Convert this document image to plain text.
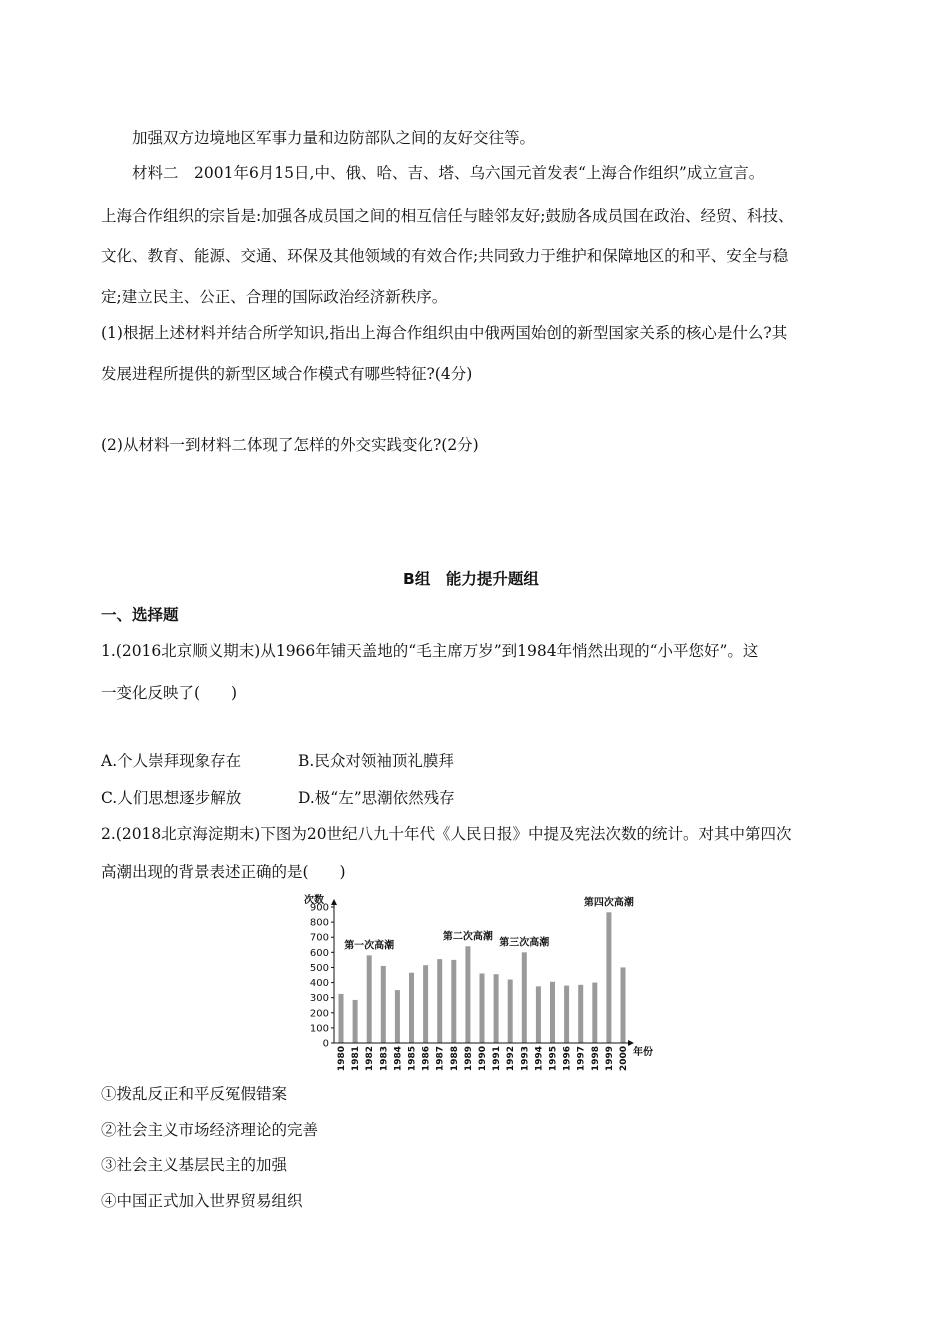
加强双方边境地区军事力量和边防部队之间的友好交往等。
材料二　2001年6月15日,中、俄、哈、吉、塔、乌六国元首发表“上海合作组织”成立宣言。
上海合作组织的宗旨是:加强各成员国之间的相互信任与睦邻友好;鼓励各成员国在政治、经贸、科技、
文化、教育、能源、交通、环保及其他领域的有效合作;共同致力于维护和保障地区的和平、安全与稳
定;建立民主、公正、合理的国际政治经济新秩序。
(1)根据上述材料并结合所学知识,指出上海合作组织由中俄两国始创的新型国家关系的核心是什么?其
发展进程所提供的新型区域合作模式有哪些特征?(4分)
(2)从材料一到材料二体现了怎样的外交实践变化?(2分)
B组　能力提升题组
一、选择题
1.(2016北京顺义期末)从1966年铺天盖地的“毛主席万岁”到1984年悄然出现的“小平您好”。这
一变化反映了(　　)
A.个人崇拜现象存在	B.民众对领袖顶礼膜拜
C.人们思想逐步解放	D.极“左”思潮依然残存
2.(2018北京海淀期末)下图为20世纪八九十年代《人民日报》中提及宪法次数的统计。对其中第四次
高潮出现的背景表述正确的是(　　)
次数
年份
0
100
200
300
400
500
600
700
800
900
1980 1981 1982 1983 1984 1985 1986 1987 1988 1989 1990 1991 1992 1993 1994 1995 1996 1997 1998 1999 2000
第一次高潮
第二次高潮
第三次高潮
第四次高潮
①拨乱反正和平反冤假错案
②社会主义市场经济理论的完善
③社会主义基层民主的加强
④中国正式加入世界贸易组织
